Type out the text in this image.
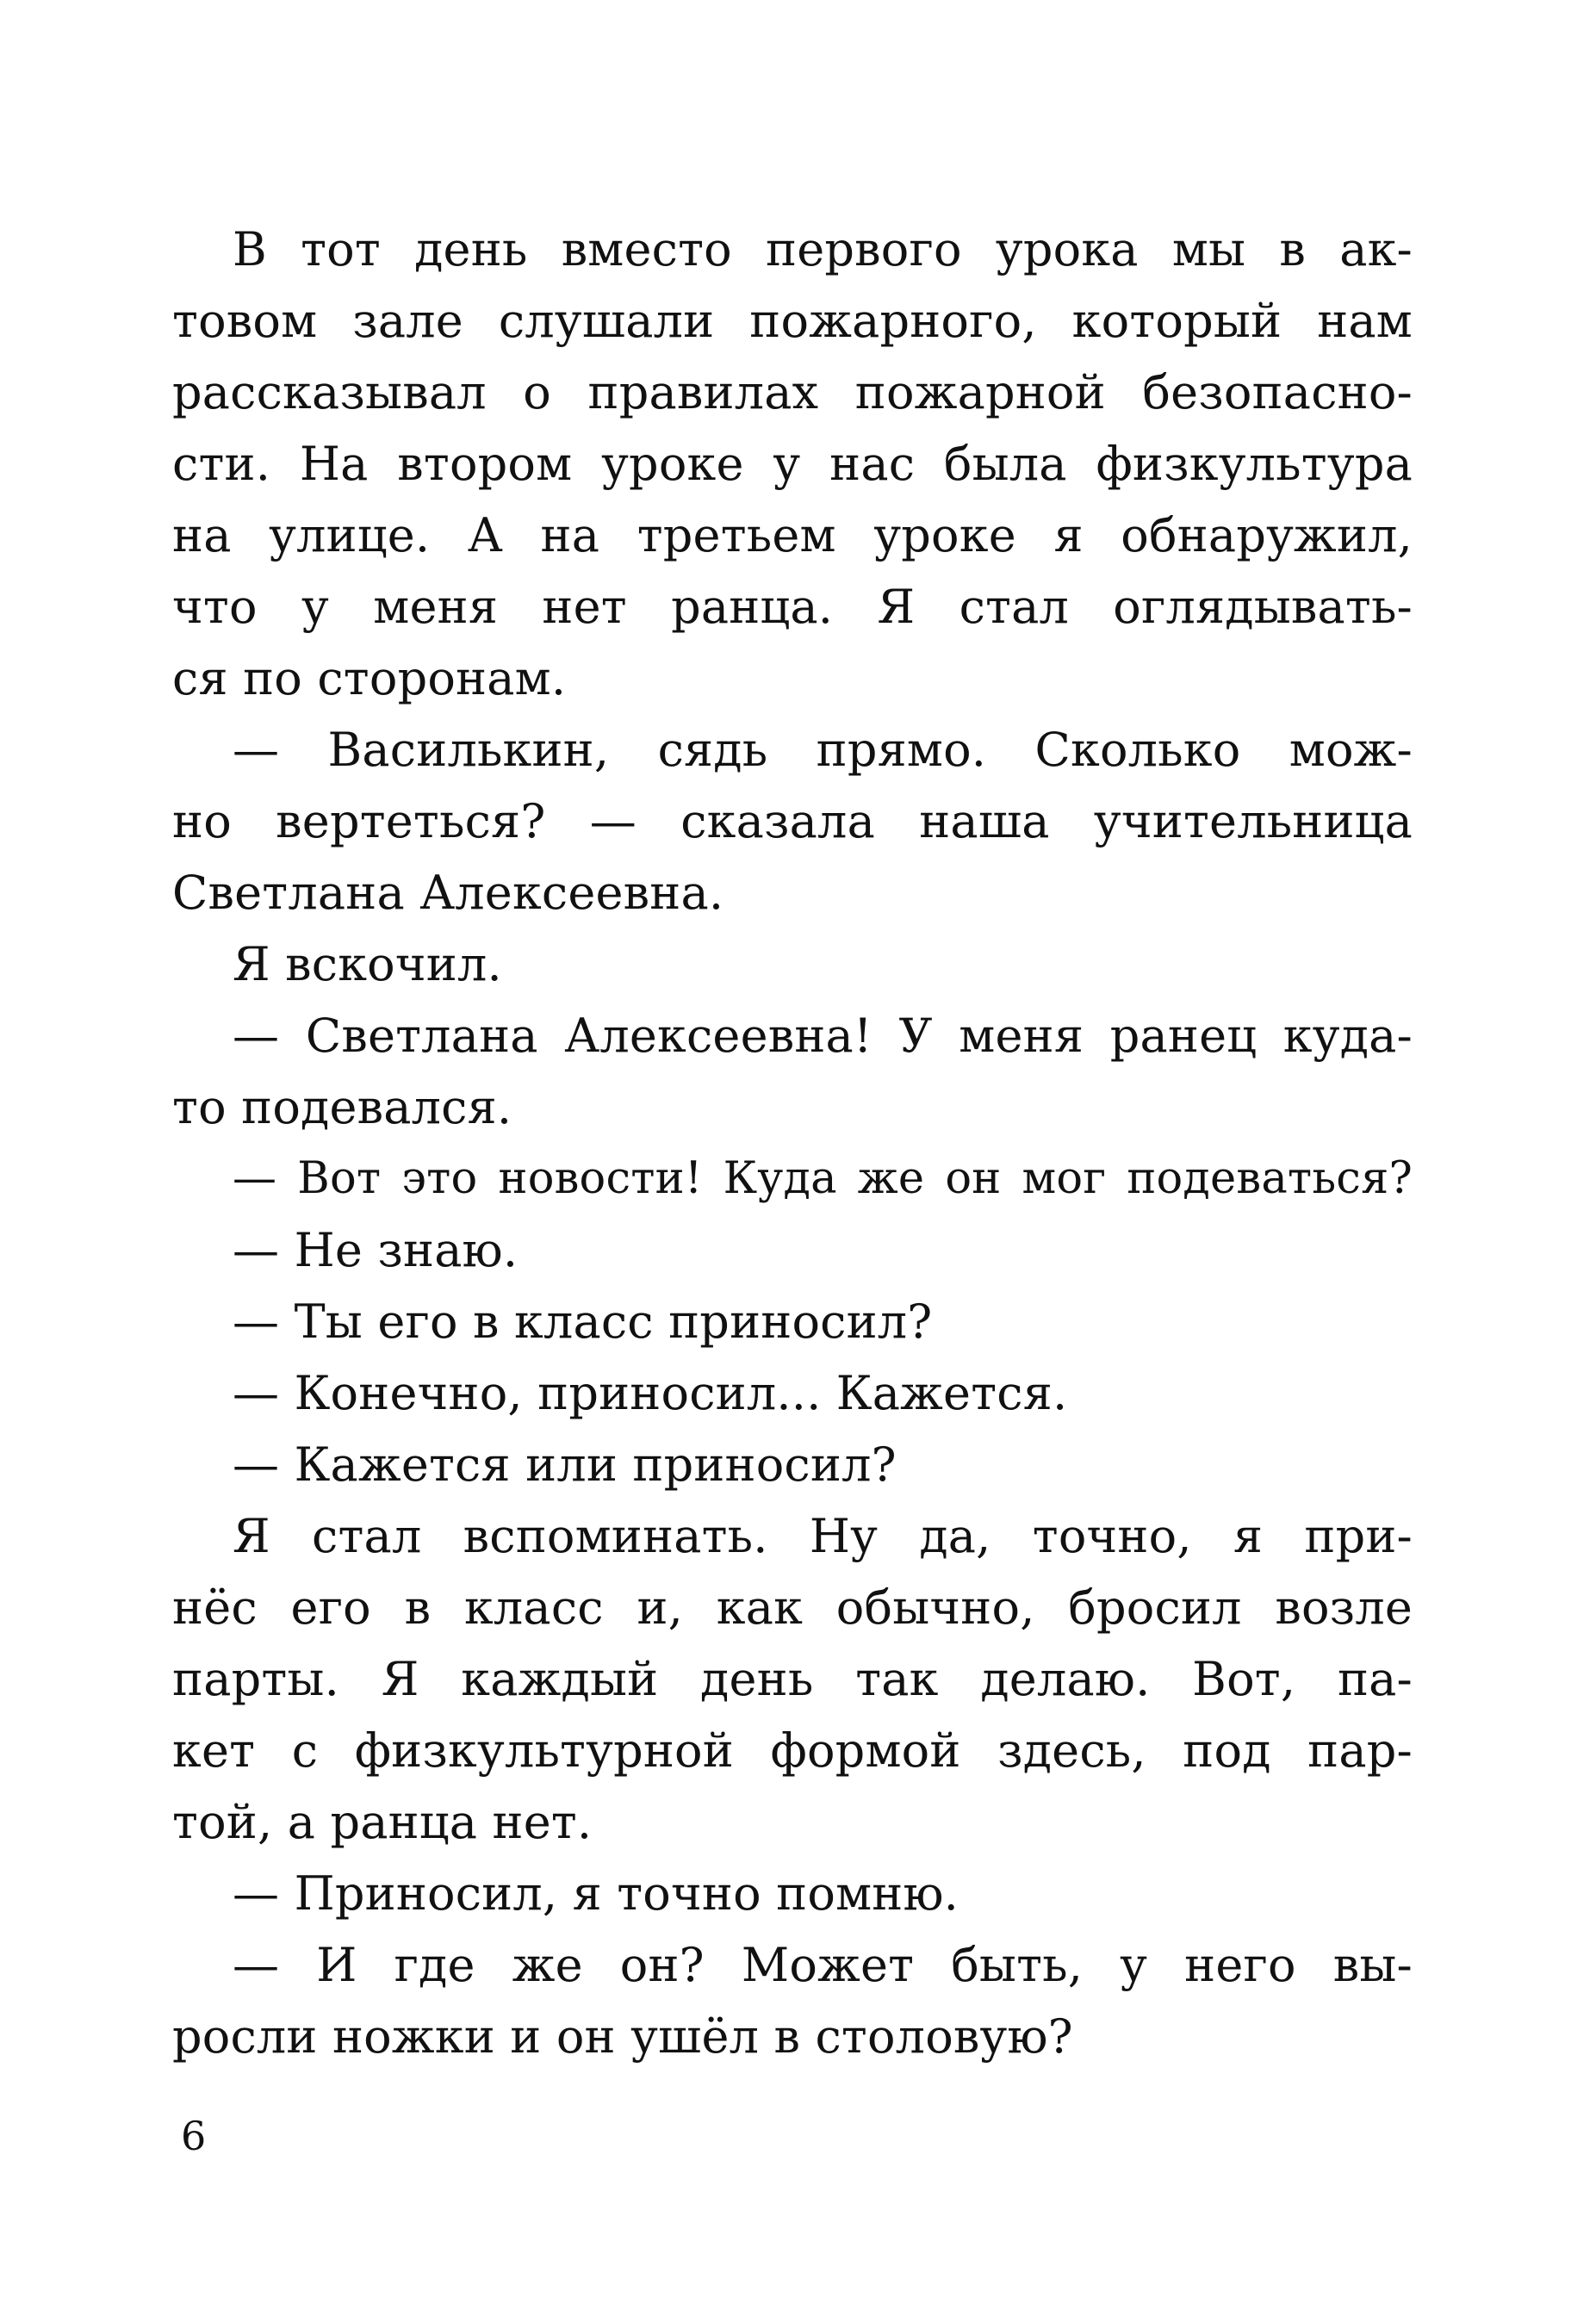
В тот день вместо первого урока мы в ак-
товом зале слушали пожарного, который нам
рассказывал о правилах пожарной безопасно-
сти. На втором уроке у нас была физкультура
на улице. А на третьем уроке я обнаружил,
что у меня нет ранца. Я стал оглядывать-
ся по сторонам.
— Василькин, сядь прямо. Сколько мож-
но вертеться? — сказала наша учительница
Светлана Алексеевна.
Я вскочил.
— Светлана Алексеевна! У меня ранец куда-
то подевался.
— Вот это новости! Куда же он мог подеваться?
— Не знаю.
— Ты его в класс приносил?
— Конечно, приносил... Кажется.
— Кажется или приносил?
Я стал вспоминать. Ну да, точно, я при-
нёс его в класс и, как обычно, бросил возле
парты. Я каждый день так делаю. Вот, па-
кет с физкультурной формой здесь, под пар-
той, а ранца нет.
— Приносил, я точно помню.
— И где же он? Может быть, у него вы-
росли ножки и он ушёл в столовую?
6
